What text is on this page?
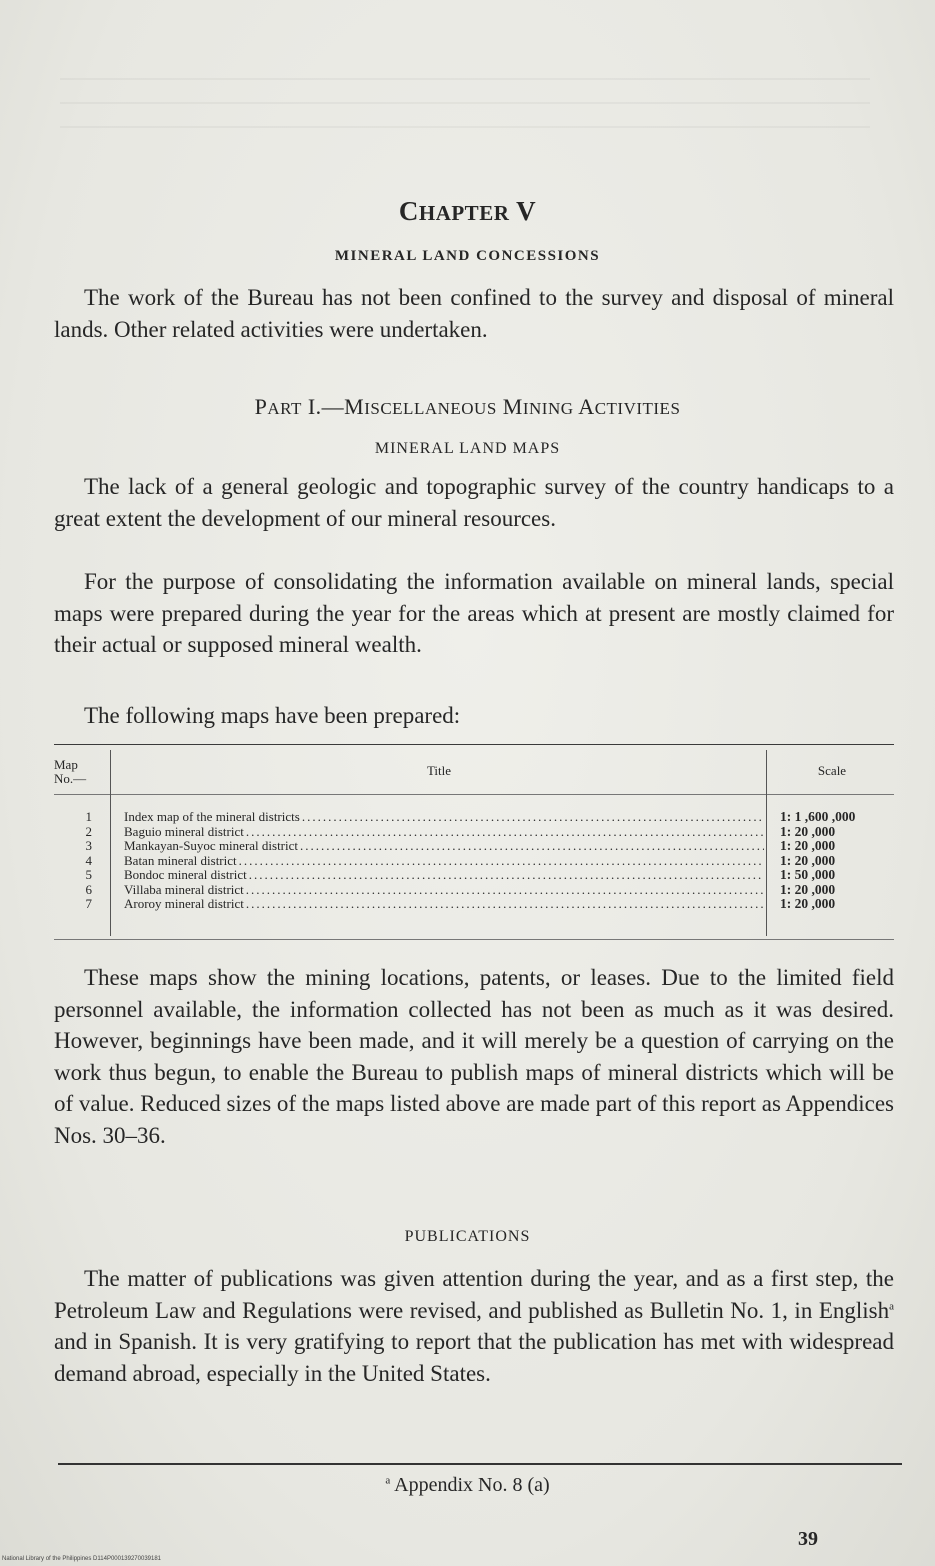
CHAPTER V
MINERAL LAND CONCESSIONS

The work of the Bureau has not been confined to the survey and disposal of mineral lands. Other related activities were undertaken.

PART I.—MISCELLANEOUS MINING ACTIVITIES
MINERAL LAND MAPS

The lack of a general geologic and topographic survey of the country handicaps to a great extent the development of our mineral resources.

For the purpose of consolidating the information available on mineral lands, special maps were prepared during the year for the areas which at present are mostly claimed for their actual or supposed mineral wealth.

The following maps have been prepared:

Map
No.—
Title	Scale
1
2
3
4
5
6
7
Index map of the mineral districts
.....
Baguio mineral district
.....
Mankayan-Suyoc mineral district
.....
Batan mineral district
.....
Bondoc mineral district
.....
Villaba mineral district
.....
Aroroy mineral district
.....
1: 1 ,600 ,000
1: 20 ,000
1: 20 ,000
1: 20 ,000
1: 50 ,000
1: 20 ,000
1: 20 ,000

These maps show the mining locations, patents, or leases. Due to the limited field personnel available, the information collected has not been as much as it was desired. However, beginnings have been made, and it will merely be a question of carrying on the work thus begun, to enable the Bureau to publish maps of mineral districts which will be of value. Reduced sizes of the maps listed above are made part of this report as Appendices Nos. 30–36.

PUBLICATIONS

The matter of publications was given attention during the year, and as a first step, the Petroleum Law and Regulations were revised, and published as Bulletin No. 1, in English$^a$ and in Spanish. It is very gratifying to report that the publication has met with widespread demand abroad, especially in the United States.

$^a$ Appendix No. 8 (a)
39
National Library of the Philippines D114P000139270039181
